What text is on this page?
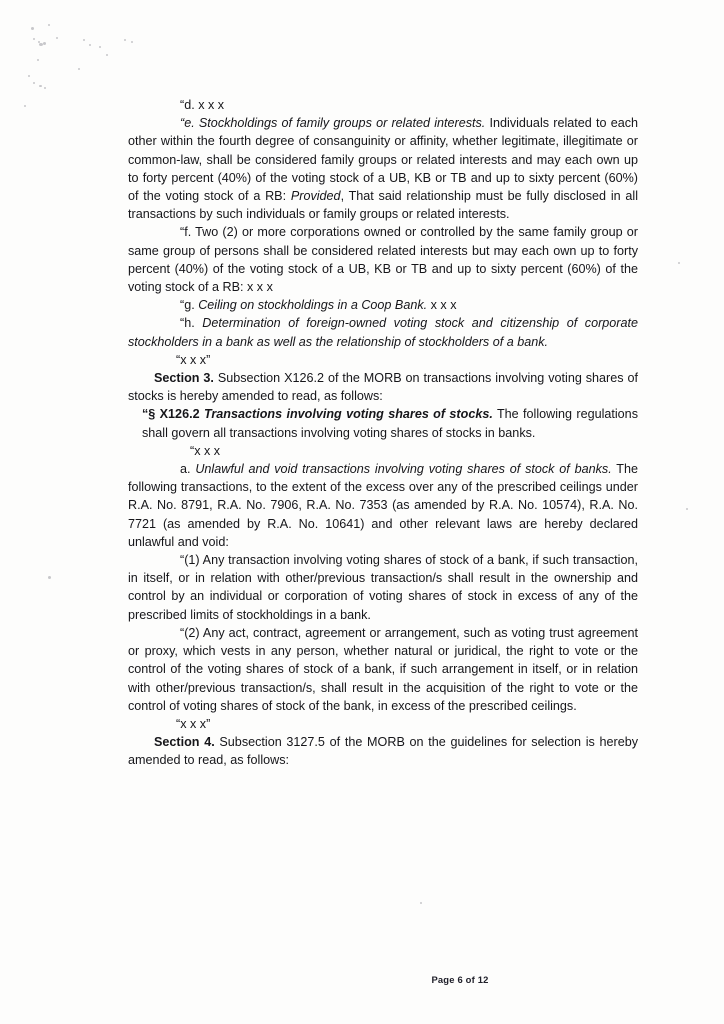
“d. x x x

“e. Stockholdings of family groups or related interests. Individuals related to each other within the fourth degree of consanguinity or affinity, whether legitimate, illegitimate or common-law, shall be considered family groups or related interests and may each own up to forty percent (40%) of the voting stock of a UB, KB or TB and up to sixty percent (60%) of the voting stock of a RB: Provided, That said relationship must be fully disclosed in all transactions by such individuals or family groups or related interests.

“f. Two (2) or more corporations owned or controlled by the same family group or same group of persons shall be considered related interests but may each own up to forty percent (40%) of the voting stock of a UB, KB or TB and up to sixty percent (60%) of the voting stock of a RB: x x x

“g. Ceiling on stockholdings in a Coop Bank. x x x

“h. Determination of foreign-owned voting stock and citizenship of corporate stockholders in a bank as well as the relationship of stockholders of a bank.

“x x x”

Section 3. Subsection X126.2 of the MORB on transactions involving voting shares of stocks is hereby amended to read, as follows:

“§ X126.2 Transactions involving voting shares of stocks. The following regulations shall govern all transactions involving voting shares of stocks in banks.

“x x x

a. Unlawful and void transactions involving voting shares of stock of banks. The following transactions, to the extent of the excess over any of the prescribed ceilings under R.A. No. 8791, R.A. No. 7906, R.A. No. 7353 (as amended by R.A. No. 10574), R.A. No. 7721 (as amended by R.A. No. 10641) and other relevant laws are hereby declared unlawful and void:

“(1) Any transaction involving voting shares of stock of a bank, if such transaction, in itself, or in relation with other/previous transaction/s shall result in the ownership and control by an individual or corporation of voting shares of stock in excess of any of the prescribed limits of stockholdings in a bank.

“(2) Any act, contract, agreement or arrangement, such as voting trust agreement or proxy, which vests in any person, whether natural or juridical, the right to vote or the control of the voting shares of stock of a bank, if such arrangement in itself, or in relation with other/previous transaction/s, shall result in the acquisition of the right to vote or the control of voting shares of stock of the bank, in excess of the prescribed ceilings.

“x x x”

Section 4. Subsection 3127.5 of the MORB on the guidelines for selection is hereby amended to read, as follows:

Page 6 of 12
